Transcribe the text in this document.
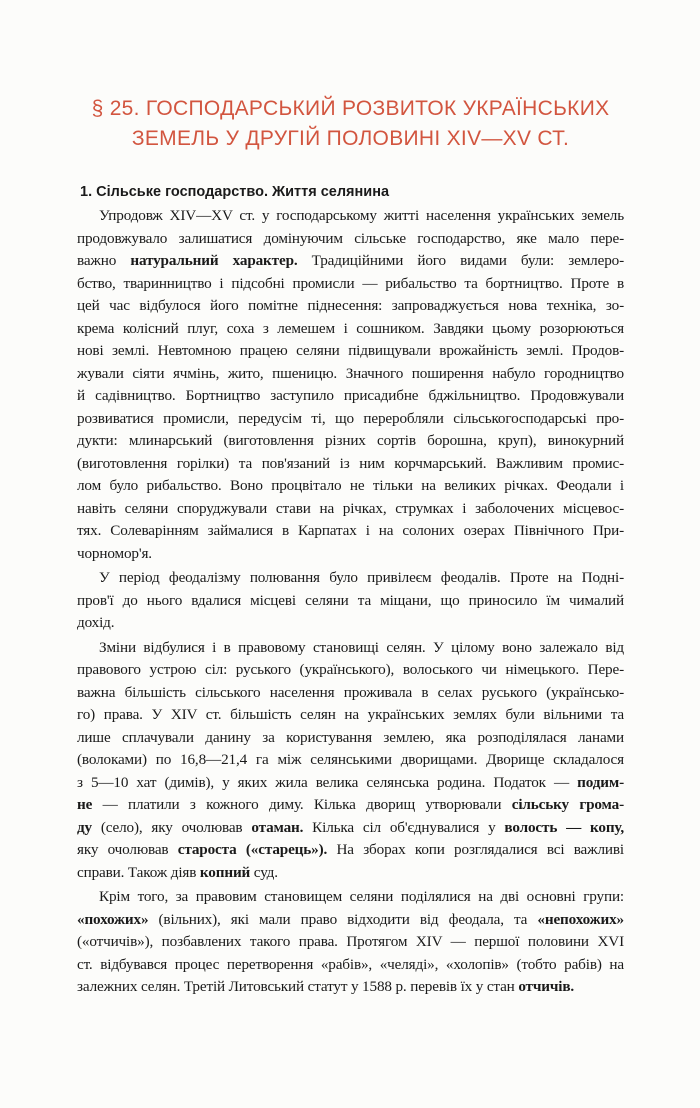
§ 25. ГОСПОДАРСЬКИЙ РОЗВИТОК УКРАЇНСЬКИХ
ЗЕМЕЛЬ У ДРУГІЙ ПОЛОВИНІ XIV—XV СТ.
1. Сільське господарство. Життя селянина
Упродовж XIV—XV ст. у господарському житті населення українських земель
продовжувало залишатися домінуючим сільське господарство, яке мало пере-
важно натуральний характер. Традиційними його видами були: землеро-
бство, тваринництво і підсобні промисли — рибальство та бортництво. Проте в
цей час відбулося його помітне піднесення: запроваджується нова техніка, зо-
крема колісний плуг, соха з лемешем і сошником. Завдяки цьому розорюються
нові землі. Невтомною працею селяни підвищували врожайність землі. Продов-
жували сіяти ячмінь, жито, пшеницю. Значного поширення набуло городництво
й садівництво. Бортництво заступило присадибне бджільництво. Продовжували
розвиватися промисли, передусім ті, що переробляли сільськогосподарські про-
дукти: млинарський (виготовлення різних сортів борошна, круп), винокурний
(виготовлення горілки) та пов'язаний із ним корчмарський. Важливим промис-
лом було рибальство. Воно процвітало не тільки на великих річках. Феодали і
навіть селяни споруджували стави на річках, струмках і заболочених місцевос-
тях. Солеварінням займалися в Карпатах і на солоних озерах Північного При-
чорномор'я.
У період феодалізму полювання було привілеєм феодалів. Проте на Подні-
пров'ї до нього вдалися місцеві селяни та міщани, що приносило їм чималий
дохід.
Зміни відбулися і в правовому становищі селян. У цілому воно залежало від
правового устрою сіл: руського (українського), волоського чи німецького. Пере-
важна більшість сільського населення проживала в селах руського (українсько-
го) права. У XIV ст. більшість селян на українських землях були вільними та
лише сплачували данину за користування землею, яка розподілялася ланами
(волоками) по 16,8—21,4 га між селянськими дворищами. Дворище складалося
з 5—10 хат (димів), у яких жила велика селянська родина. Податок — подим-
не — платили з кожного диму. Кілька дворищ утворювали сільську грома-
ду (село), яку очолював отаман. Кілька сіл об'єднувалися у волость — копу,
яку очолював староста («старець»). На зборах копи розглядалися всі важливі
справи. Також діяв копний суд.
Крім того, за правовим становищем селяни поділялися на дві основні групи:
«похожих» (вільних), які мали право відходити від феодала, та «непохожих»
(«отчичів»), позбавлених такого права. Протягом XIV — першої половини XVI
ст. відбувався процес перетворення «рабів», «челяді», «холопів» (тобто рабів) на
залежних селян. Третій Литовський статут у 1588 р. перевів їх у стан отчичів.
